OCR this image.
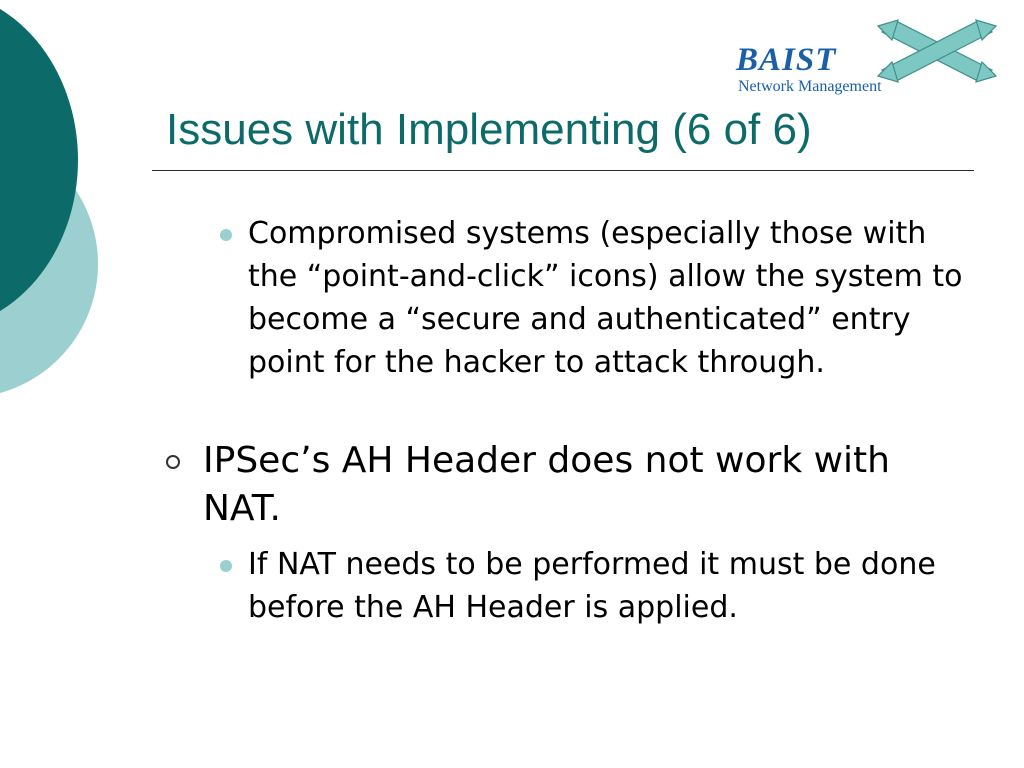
BAIST
Network Management
Issues with Implementing (6 of 6)
Compromised systems (especially those with the “point-and-click” icons) allow the system to become a “secure and authenticated” entry point for the hacker to attack through.
IPSec’s AH Header does not work with NAT.
If NAT needs to be performed it must be done before the AH Header is applied.
